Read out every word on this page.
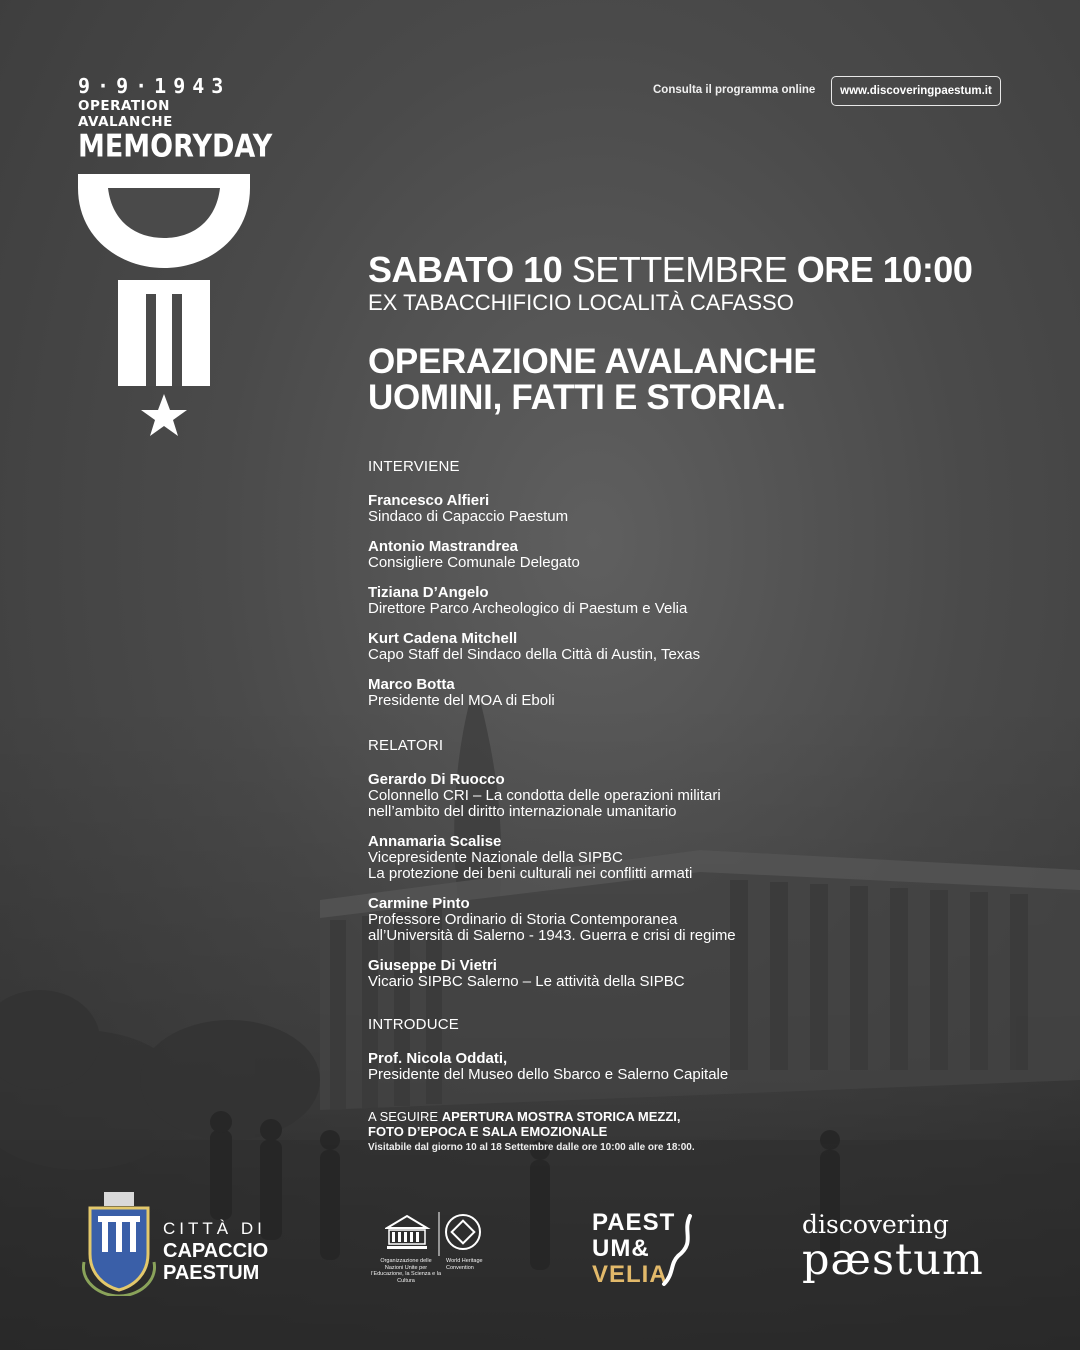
9·9·1943
OPERATION AVALANCHE
MEMORYDAY
Consulta il programma online www.discoveringpaestum.it
SABATO 10 SETTEMBRE ORE 10:00
EX TABACCHIFICIO LOCALITÀ CAFASSO
OPERAZIONE AVALANCHE
UOMINI, FATTI E STORIA.
INTERVIENE
Francesco Alfieri
Sindaco di Capaccio Paestum
Antonio Mastrandrea
Consigliere Comunale Delegato
Tiziana D’Angelo
Direttore Parco Archeologico di Paestum e Velia
Kurt Cadena Mitchell
Capo Staff del Sindaco della Città di Austin, Texas
Marco Botta
Presidente del MOA di Eboli
RELATORI
Gerardo Di Ruocco
Colonnello CRI – La condotta delle operazioni militari
nell’ambito del diritto internazionale umanitario
Annamaria Scalise
Vicepresidente Nazionale della SIPBC
La protezione dei beni culturali nei conflitti armati
Carmine Pinto
Professore Ordinario di Storia Contemporanea
all’Università di Salerno - 1943. Guerra e crisi di regime
Giuseppe Di Vietri
Vicario SIPBC Salerno – Le attività della SIPBC
INTRODUCE
Prof. Nicola Oddati,
Presidente del Museo dello Sbarco e Salerno Capitale
A SEGUIRE APERTURA MOSTRA STORICA MEZZI,
FOTO D’EPOCA E SALA EMOZIONALE
Visitabile dal giorno 10 al 18 Settembre dalle ore 10:00 alle ore 18:00.
CITTÀ DI
CAPACCIO
PAESTUM
Organizzazione delle Nazioni Unite per l’Educazione, la Scienza e la Cultura
World Heritage Convention
PAEST
UM&
VELIA
discovering
pæstum
